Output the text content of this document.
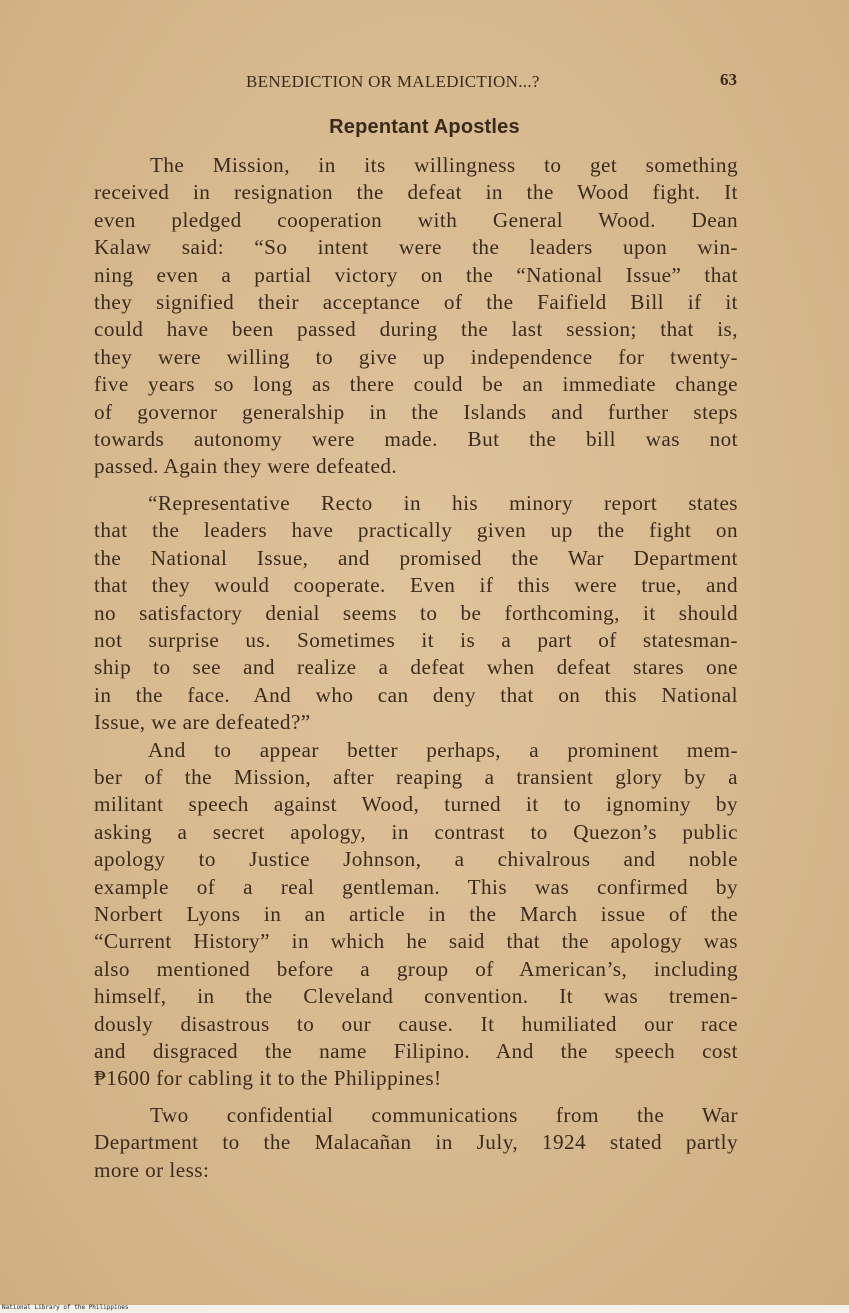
BENEDICTION OR MALEDICTION...?	63
Repentant Apostles

The Mission, in its willingness to get something
received in resignation the defeat in the Wood fight. It
even pledged cooperation with General Wood. Dean
Kalaw said: “So intent were the leaders upon win-
ning even a partial victory on the “National Issue” that
they signified their acceptance of the Faifield Bill if it
could have been passed during the last session; that is,
they were willing to give up independence for twenty-
five years so long as there could be an immediate change
of governor generalship in the Islands and further steps
towards autonomy were made. But the bill was not
passed. Again they were defeated.

“Representative Recto in his minory report states
that the leaders have practically given up the fight on
the National Issue, and promised the War Department
that they would cooperate. Even if this were true, and
no satisfactory denial seems to be forthcoming, it should
not surprise us. Sometimes it is a part of statesman-
ship to see and realize a defeat when defeat stares one
in the face. And who can deny that on this National
Issue, we are defeated?”

And to appear better perhaps, a prominent mem-
ber of the Mission, after reaping a transient glory by a
militant speech against Wood, turned it to ignominy by
asking a secret apology, in contrast to Quezon’s public
apology to Justice Johnson, a chivalrous and noble
example of a real gentleman. This was confirmed by
Norbert Lyons in an article in the March issue of the
“Current History” in which he said that the apology was
also mentioned before a group of American’s, including
himself, in the Cleveland convention. It was tremen-
dously disastrous to our cause. It humiliated our race
and disgraced the name Filipino. And the speech cost
₱1600 for cabling it to the Philippines!

Two confidential communications from the War
Department to the Malacañan in July, 1924 stated partly
more or less:

National Library of the Philippines
